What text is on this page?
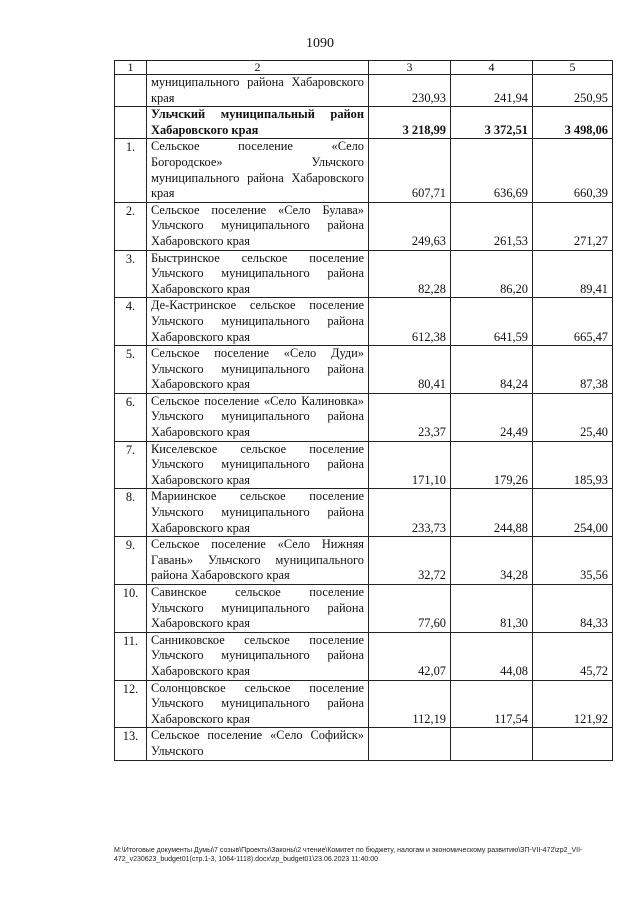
1090
1	2	3	4	5
	муниципального района Хабаровского края	230,93	241,94	250,95
	Ульчский муниципальный район Хабаровского края	3 218,99	3 372,51	3 498,06
1.	Сельское поселение «Село Богородское» Ульчского муниципального района Хабаровского края	607,71	636,69	660,39
2.	Сельское поселение «Село Булава» Ульчского муниципального района Хабаровского края	249,63	261,53	271,27
3.	Быстринское сельское поселение Ульчского муниципального района Хабаровского края	82,28	86,20	89,41
4.	Де-Кастринское сельское поселение Ульчского муниципального района Хабаровского края	612,38	641,59	665,47
5.	Сельское поселение «Село Дуди» Ульчского муниципального района Хабаровского края	80,41	84,24	87,38
6.	Сельское поселение «Село Калиновка» Ульчского муниципального района Хабаровского края	23,37	24,49	25,40
7.	Киселевское сельское поселение Ульчского муниципального района Хабаровского края	171,10	179,26	185,93
8.	Мариинское сельское поселение Ульчского муниципального района Хабаровского края	233,73	244,88	254,00
9.	Сельское поселение «Село Нижняя Гавань» Ульчского муниципального района Хабаровского края	32,72	34,28	35,56
10.	Савинское сельское поселение Ульчского муниципального района Хабаровского края	77,60	81,30	84,33
11.	Санниковское сельское поселение Ульчского муниципального района Хабаровского края	42,07	44,08	45,72
12.	Солонцовское сельское поселение Ульчского муниципального района Хабаровского края	112,19	117,54	121,92
13.	Сельское поселение «Село Софийск» Ульчского			
M:\Итоговые документы Думы\7 созыв\Проекты\Законы\2 чтение\Комитет по бюджету, налогам и экономическому развитию\ЗП-VII-472\zp2_VII-472_v230623_budget01(стр.1-3, 1064-1118).docx\zp_budget01\23.06.2023 11:40:00
